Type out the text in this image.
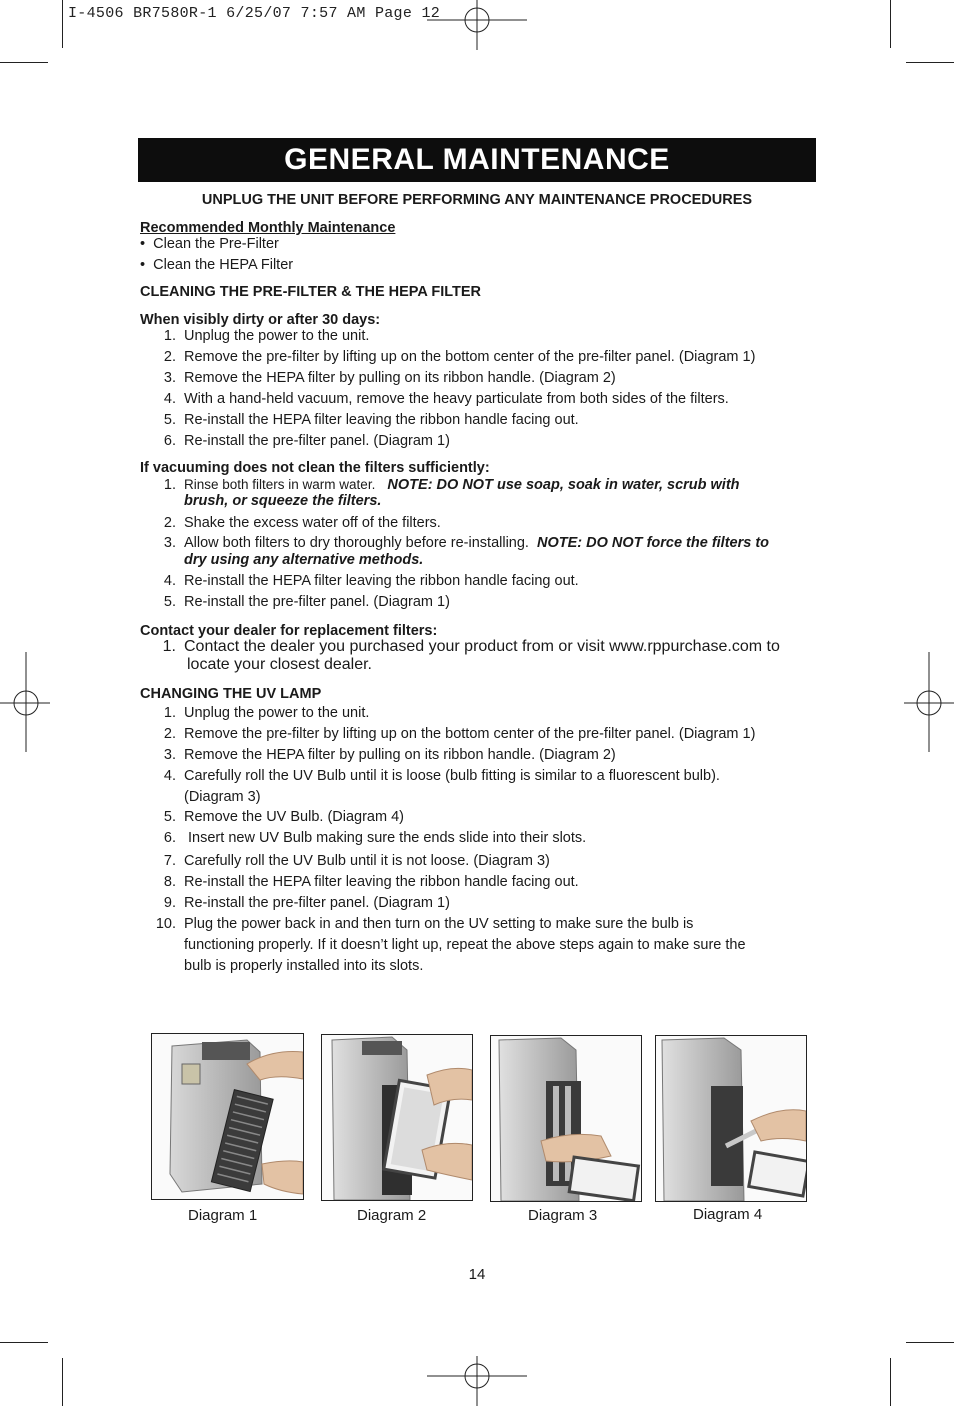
I-4506 BR7580R-1 6/25/07 7:57 AM Page 12
GENERAL MAINTENANCE
UNPLUG THE UNIT BEFORE PERFORMING ANY MAINTENANCE PROCEDURES
Recommended Monthly Maintenance
• Clean the Pre-Filter
• Clean the HEPA Filter
CLEANING THE PRE-FILTER & THE HEPA FILTER
When visibly dirty or after 30 days:
1. Unplug the power to the unit.
2. Remove the pre-filter by lifting up on the bottom center of the pre-filter panel. (Diagram 1)
3. Remove the HEPA filter by pulling on its ribbon handle. (Diagram 2)
4. With a hand-held vacuum, remove the heavy particulate from both sides of the filters.
5. Re-install the HEPA filter leaving the ribbon handle facing out.
6. Re-install the pre-filter panel. (Diagram 1)
If vacuuming does not clean the filters sufficiently:
1. Rinse both filters in warm water. NOTE: DO NOT use soap, soak in water, scrub with
brush, or squeeze the filters.
2. Shake the excess water off of the filters.
3. Allow both filters to dry thoroughly before re-installing. NOTE: DO NOT force the filters to
dry using any alternative methods.
4. Re-install the HEPA filter leaving the ribbon handle facing out.
5. Re-install the pre-filter panel. (Diagram 1)
Contact your dealer for replacement filters:
1. Contact the dealer you purchased your product from or visit www.rppurchase.com to
locate your closest dealer.
CHANGING THE UV LAMP
1. Unplug the power to the unit.
2. Remove the pre-filter by lifting up on the bottom center of the pre-filter panel. (Diagram 1)
3. Remove the HEPA filter by pulling on its ribbon handle. (Diagram 2)
4. Carefully roll the UV Bulb until it is loose (bulb fitting is similar to a fluorescent bulb).
(Diagram 3)
5. Remove the UV Bulb. (Diagram 4)
6. Insert new UV Bulb making sure the ends slide into their slots.
7. Carefully roll the UV Bulb until it is not loose. (Diagram 3)
8. Re-install the HEPA filter leaving the ribbon handle facing out.
9. Re-install the pre-filter panel. (Diagram 1)
10. Plug the power back in and then turn on the UV setting to make sure the bulb is
functioning properly. If it doesn’t light up, repeat the above steps again to make sure the
bulb is properly installed into its slots.
Diagram 1	Diagram 2	Diagram 3	Diagram 4
14
